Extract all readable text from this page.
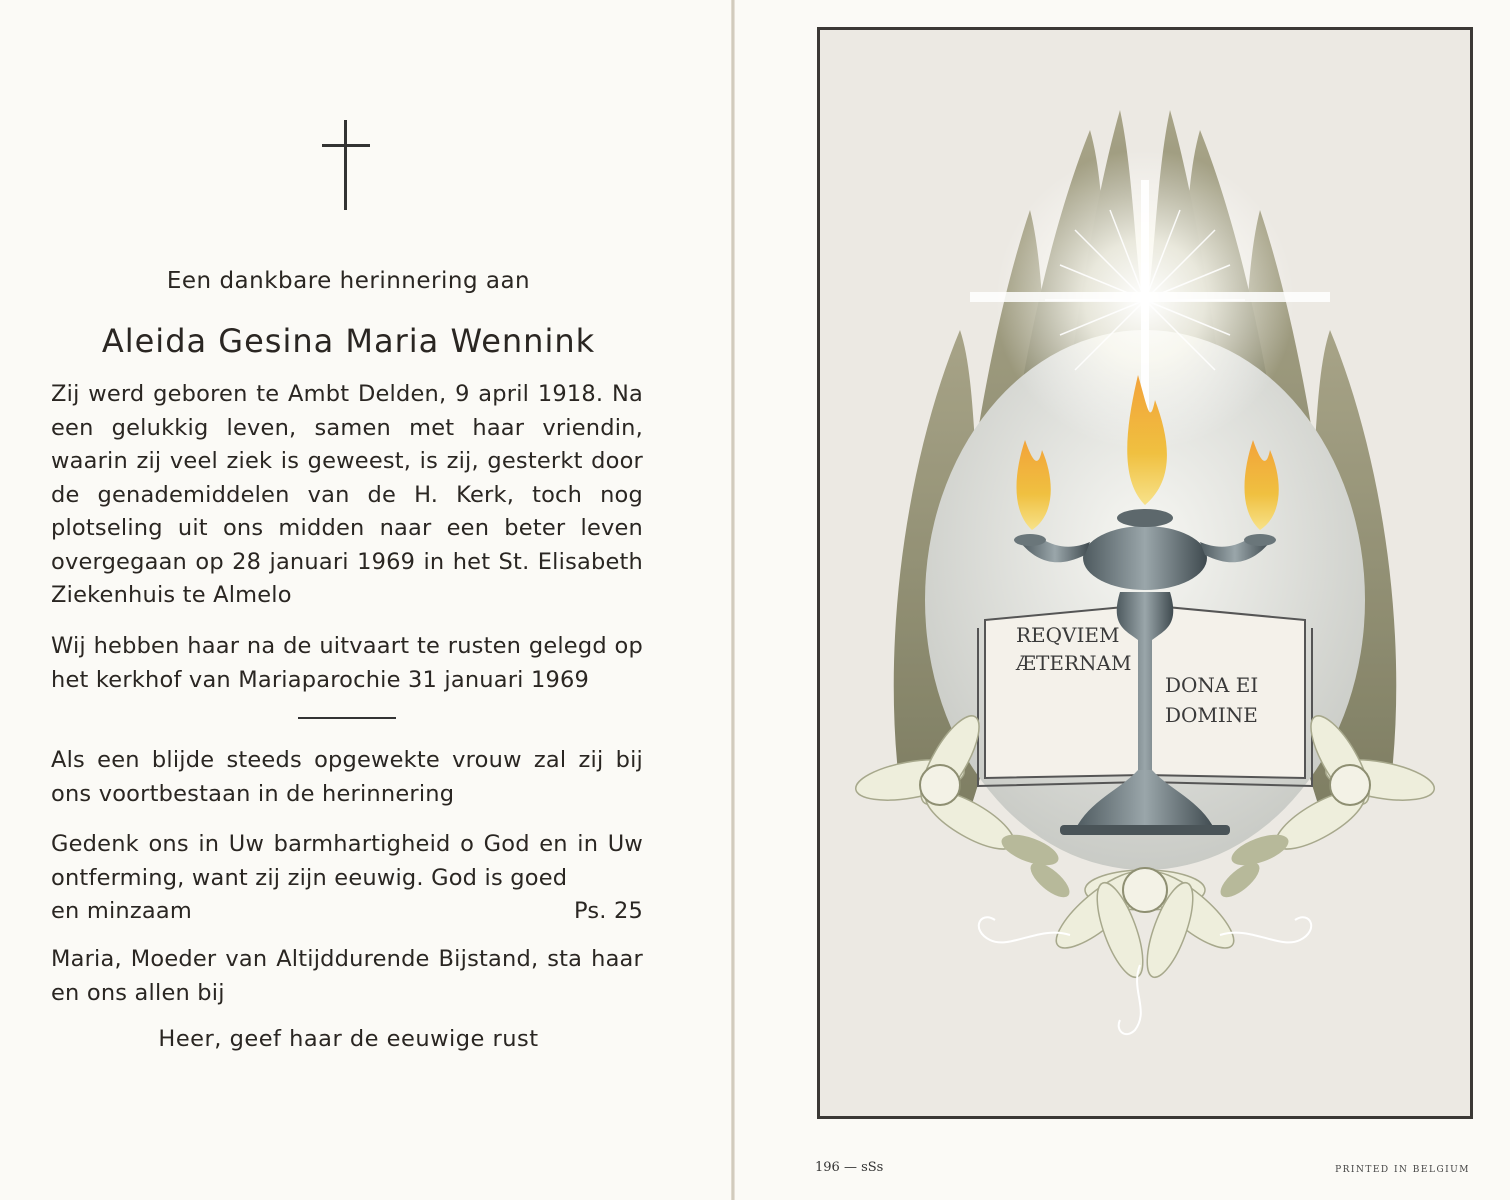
Een dankbare herinnering aan
Aleida Gesina Maria Wennink
Zij werd geboren te Ambt Delden, 9 april 1918. Na een gelukkig leven, samen met haar vriendin, waarin zij veel ziek is geweest, is zij, gesterkt door de genademiddelen van de H. Kerk, toch nog plotseling uit ons midden naar een beter leven overgegaan op 28 januari 1969 in het St. Elisabeth Ziekenhuis te Almelo
Wij hebben haar na de uitvaart te rusten gelegd op het kerkhof van Mariaparochie 31 januari 1969
Als een blijde steeds opgewekte vrouw zal zij bij ons voortbestaan in de herinnering
Gedenk ons in Uw barmhartigheid o God en in Uw ontferming, want zij zijn eeuwig. God is goed
en minzaam	Ps. 25
Maria, Moeder van Altijddurende Bijstand, sta haar en ons allen bij
Heer, geef haar de eeuwige rust
REQVIEM
ÆTERNAM
DONA EI
DOMINE
196 — sSs	PRINTED IN BELGIUM
